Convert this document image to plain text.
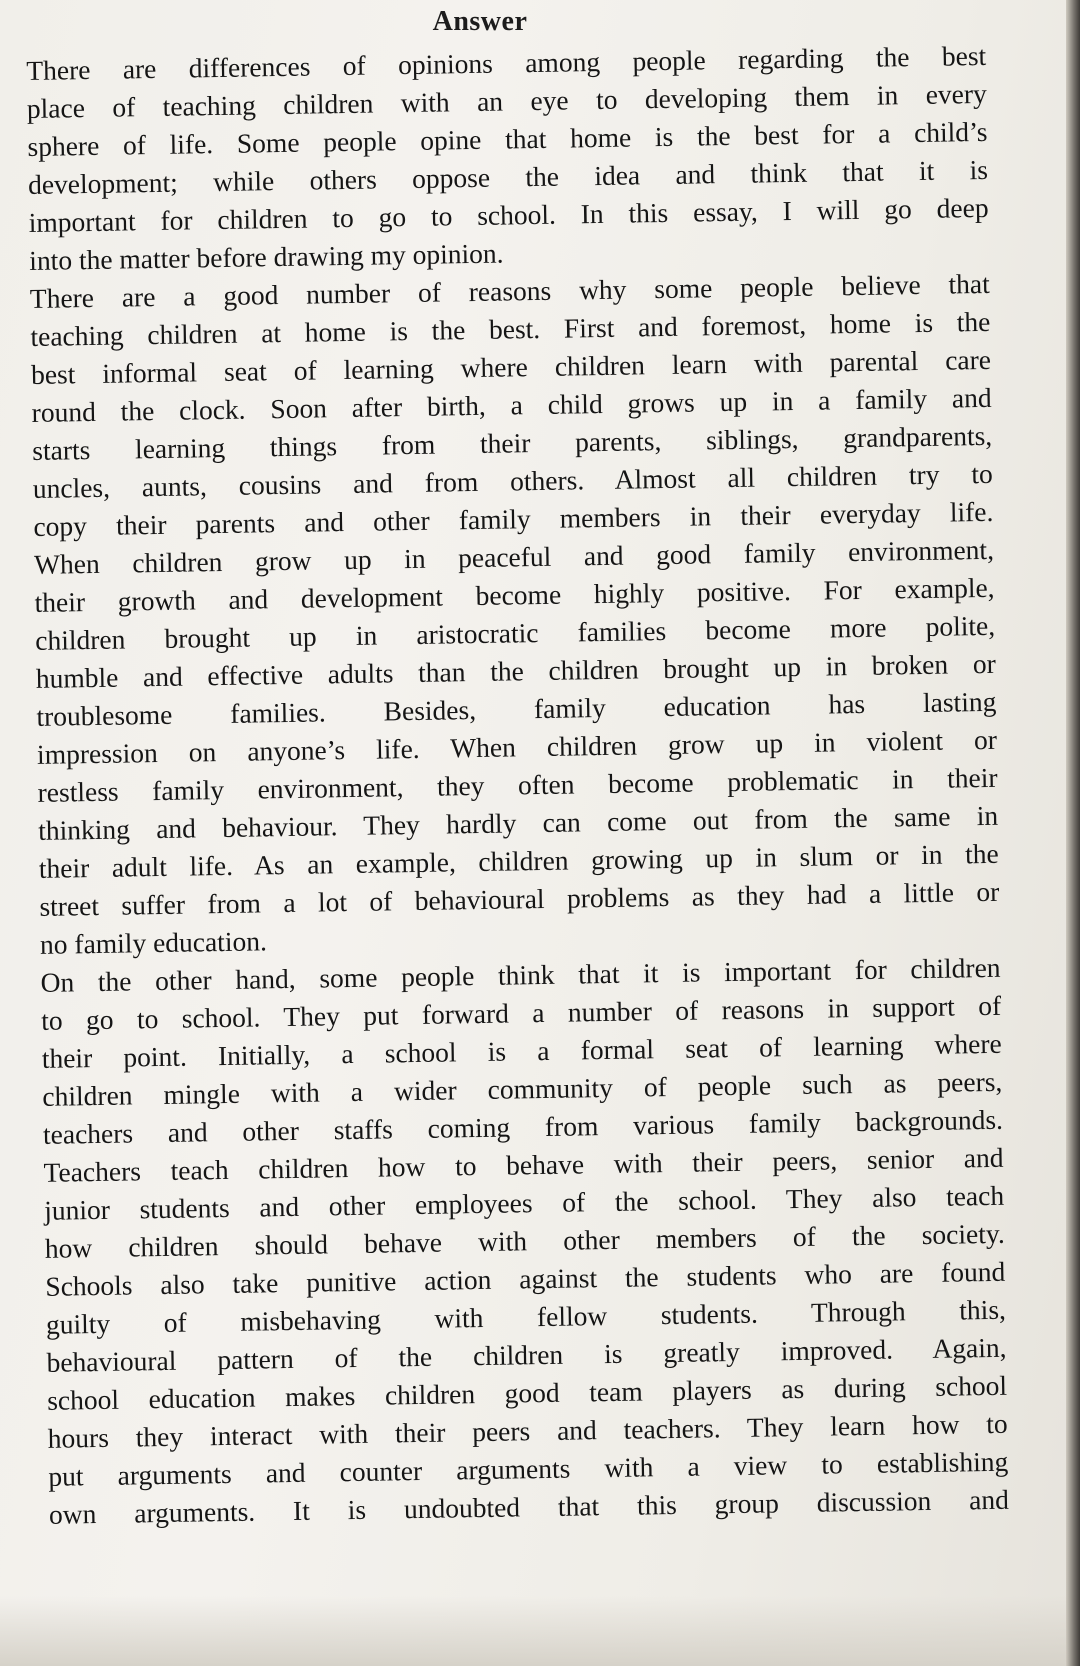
Answer
There are differences of opinions among people regarding the best
place of teaching children with an eye to developing them in every
sphere of life. Some people opine that home is the best for a child’s
development; while others oppose the idea and think that it is
important for children to go to school. In this essay, I will go deep
into the matter before drawing my opinion.
There are a good number of reasons why some people believe that
teaching children at home is the best. First and foremost, home is the
best informal seat of learning where children learn with parental care
round the clock. Soon after birth, a child grows up in a family and
starts learning things from their parents, siblings, grandparents,
uncles, aunts, cousins and from others. Almost all children try to
copy their parents and other family members in their everyday life.
When children grow up in peaceful and good family environment,
their growth and development become highly positive. For example,
children brought up in aristocratic families become more polite,
humble and effective adults than the children brought up in broken or
troublesome families. Besides, family education has lasting
impression on anyone’s life. When children grow up in violent or
restless family environment, they often become problematic in their
thinking and behaviour. They hardly can come out from the same in
their adult life. As an example, children growing up in slum or in the
street suffer from a lot of behavioural problems as they had a little or
no family education.
On the other hand, some people think that it is important for children
to go to school. They put forward a number of reasons in support of
their point. Initially, a school is a formal seat of learning where
children mingle with a wider community of people such as peers,
teachers and other staffs coming from various family backgrounds.
Teachers teach children how to behave with their peers, senior and
junior students and other employees of the school. They also teach
how children should behave with other members of the society.
Schools also take punitive action against the students who are found
guilty of misbehaving with fellow students. Through this,
behavioural pattern of the children is greatly improved. Again,
school education makes children good team players as during school
hours they interact with their peers and teachers. They learn how to
put arguments and counter arguments with a view to establishing
own arguments. It is undoubted that this group discussion and
